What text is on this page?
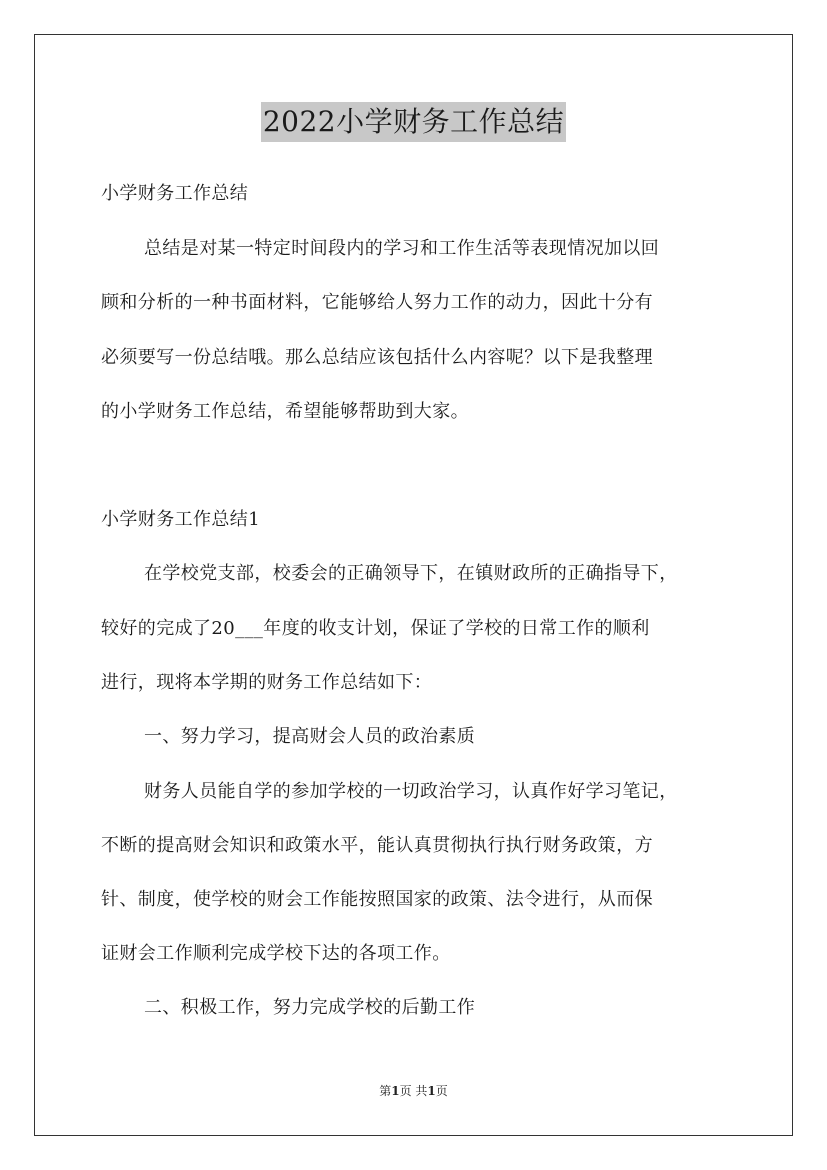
2022小学财务工作总结
小学财务工作总结
总结是对某一特定时间段内的学习和工作生活等表现情况加以回
顾和分析的一种书面材料，它能够给人努力工作的动力，因此十分有
必须要写一份总结哦。那么总结应该包括什么内容呢？以下是我整理
的小学财务工作总结，希望能够帮助到大家。
小学财务工作总结1
在学校党支部，校委会的正确领导下，在镇财政所的正确指导下，
较好的完成了20___年度的收支计划，保证了学校的日常工作的顺利
进行，现将本学期的财务工作总结如下：
一、努力学习，提高财会人员的政治素质
财务人员能自学的参加学校的一切政治学习，认真作好学习笔记，
不断的提高财会知识和政策水平，能认真贯彻执行执行财务政策，方
针、制度，使学校的财会工作能按照国家的政策、法令进行，从而保
证财会工作顺利完成学校下达的各项工作。
二、积极工作，努力完成学校的后勤工作
第1页 共1页
